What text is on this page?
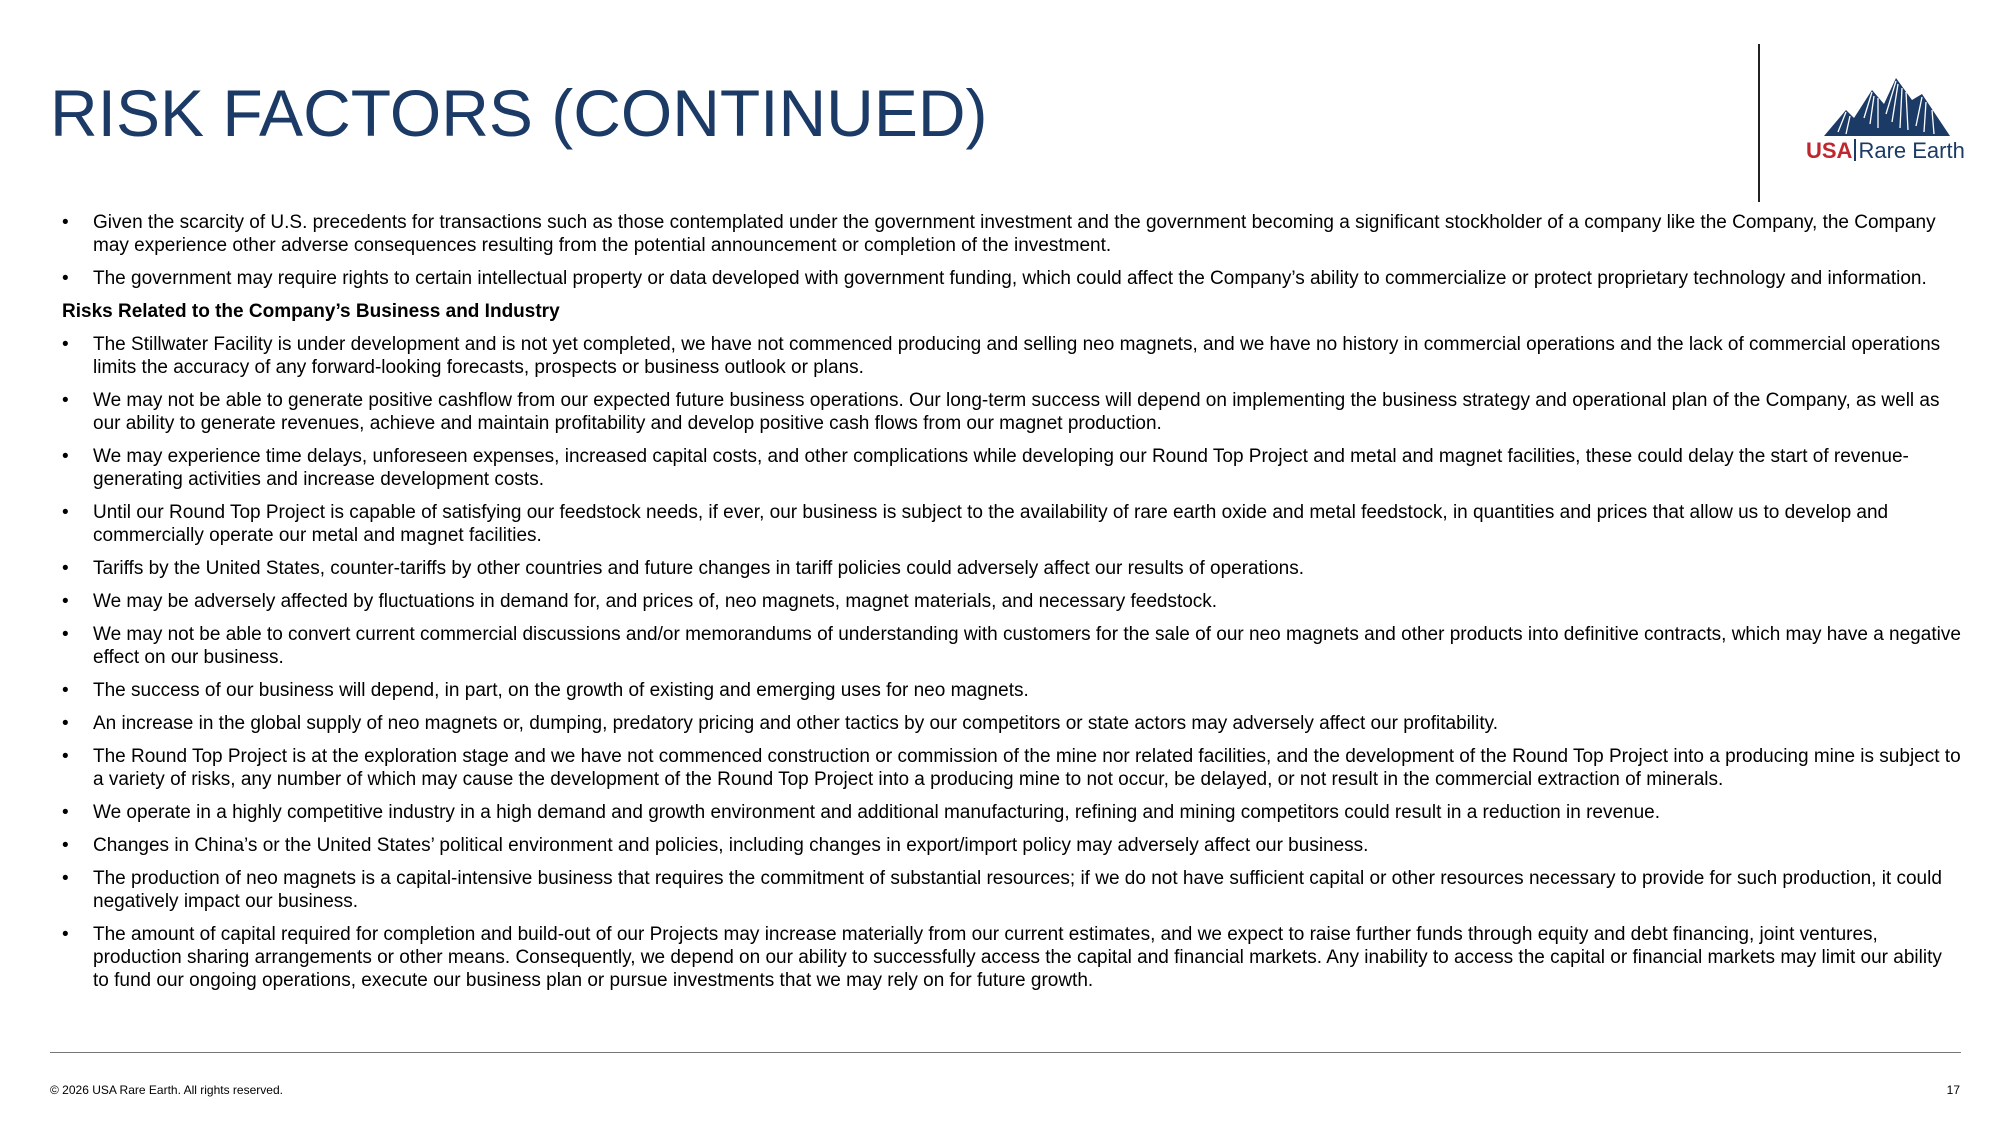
RISK FACTORS (CONTINUED)
USA Rare Earth
• Given the scarcity of U.S. precedents for transactions such as those contemplated under the government investment and the government becoming a significant stockholder of a company like the Company, the Company may experience other adverse consequences resulting from the potential announcement or completion of the investment.
• The government may require rights to certain intellectual property or data developed with government funding, which could affect the Company’s ability to commercialize or protect proprietary technology and information.
Risks Related to the Company’s Business and Industry
• The Stillwater Facility is under development and is not yet completed, we have not commenced producing and selling neo magnets, and we have no history in commercial operations and the lack of commercial operations limits the accuracy of any forward-looking forecasts, prospects or business outlook or plans.
• We may not be able to generate positive cashflow from our expected future business operations. Our long-term success will depend on implementing the business strategy and operational plan of the Company, as well as our ability to generate revenues, achieve and maintain profitability and develop positive cash flows from our magnet production.
• We may experience time delays, unforeseen expenses, increased capital costs, and other complications while developing our Round Top Project and metal and magnet facilities, these could delay the start of revenue-generating activities and increase development costs.
• Until our Round Top Project is capable of satisfying our feedstock needs, if ever, our business is subject to the availability of rare earth oxide and metal feedstock, in quantities and prices that allow us to develop and commercially operate our metal and magnet facilities.
• Tariffs by the United States, counter-tariffs by other countries and future changes in tariff policies could adversely affect our results of operations.
• We may be adversely affected by fluctuations in demand for, and prices of, neo magnets, magnet materials, and necessary feedstock.
• We may not be able to convert current commercial discussions and/or memorandums of understanding with customers for the sale of our neo magnets and other products into definitive contracts, which may have a negative effect on our business.
• The success of our business will depend, in part, on the growth of existing and emerging uses for neo magnets.
• An increase in the global supply of neo magnets or, dumping, predatory pricing and other tactics by our competitors or state actors may adversely affect our profitability.
• The Round Top Project is at the exploration stage and we have not commenced construction or commission of the mine nor related facilities, and the development of the Round Top Project into a producing mine is subject to a variety of risks, any number of which may cause the development of the Round Top Project into a producing mine to not occur, be delayed, or not result in the commercial extraction of minerals.
• We operate in a highly competitive industry in a high demand and growth environment and additional manufacturing, refining and mining competitors could result in a reduction in revenue.
• Changes in China’s or the United States’ political environment and policies, including changes in export/import policy may adversely affect our business.
• The production of neo magnets is a capital-intensive business that requires the commitment of substantial resources; if we do not have sufficient capital or other resources necessary to provide for such production, it could negatively impact our business.
• The amount of capital required for completion and build-out of our Projects may increase materially from our current estimates, and we expect to raise further funds through equity and debt financing, joint ventures, production sharing arrangements or other means. Consequently, we depend on our ability to successfully access the capital and financial markets. Any inability to access the capital or financial markets may limit our ability to fund our ongoing operations, execute our business plan or pursue investments that we may rely on for future growth.
© 2026 USA Rare Earth. All rights reserved.	17
